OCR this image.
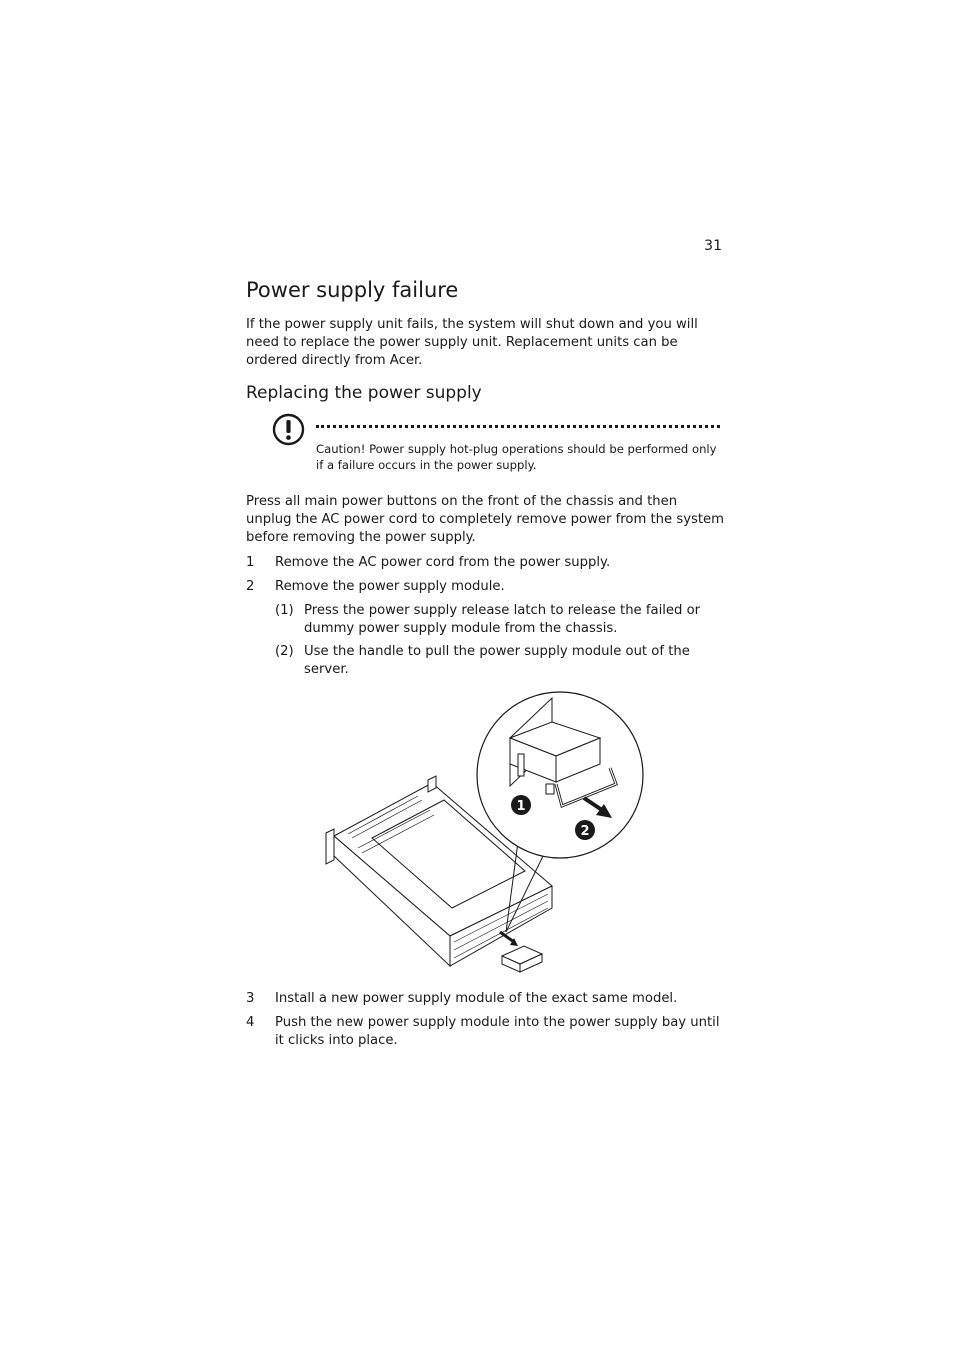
31
Power supply failure

If the power supply unit fails, the system will shut down and you will need to replace the power supply unit. Replacement units can be ordered directly from Acer.

Replacing the power supply

Caution! Power supply hot-plug operations should be performed only if a failure occurs in the power supply.

Press all main power buttons on the front of the chassis and then unplug the AC power cord to completely remove power from the system before removing the power supply.

1 Remove the AC power cord from the power supply.
2 Remove the power supply module.
(1) Press the power supply release latch to release the failed or dummy power supply module from the chassis.
(2) Use the handle to pull the power supply module out of the server.
1
2
3 Install a new power supply module of the exact same model.
4 Push the new power supply module into the power supply bay until it clicks into place.
